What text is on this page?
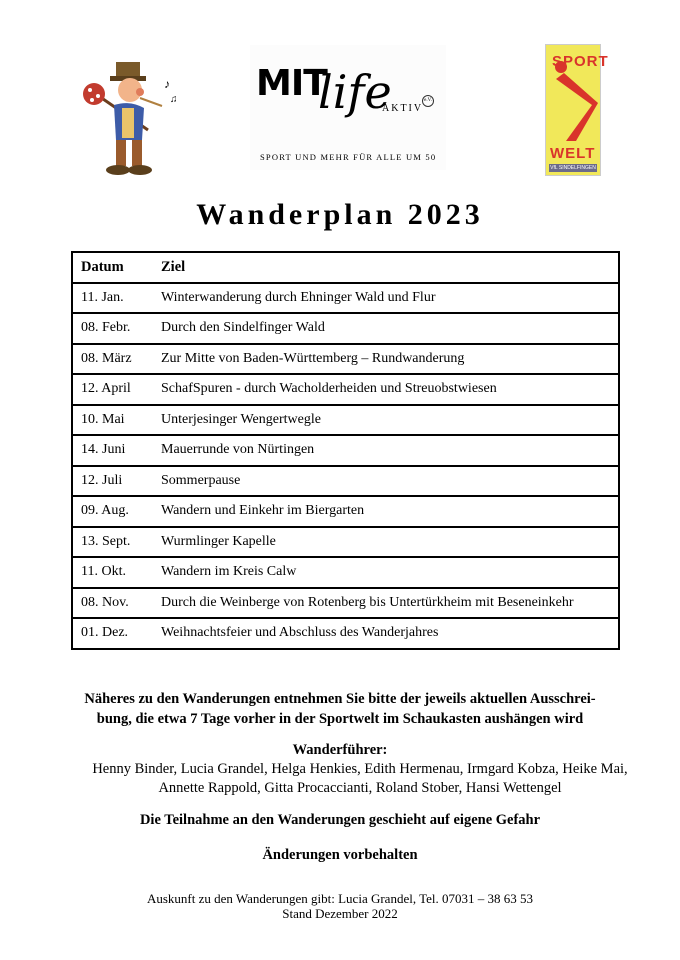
♪
♫ MIT
life
AKTIV
e.V.
SPORT UND MEHR FÜR ALLE UM 50
SPORT
WELT
VfL SINDELFINGEN
Wanderplan 2023
Datum	Ziel
11. Jan.	Winterwanderung durch Ehninger Wald und Flur
08. Febr.	Durch den Sindelfinger Wald
08. März	Zur Mitte von Baden-Württemberg – Rundwanderung
12. April	SchafSpuren - durch Wacholderheiden und Streuobstwiesen
10. Mai	Unterjesinger Wengertwegle
14. Juni	Mauerrunde von Nürtingen
12. Juli	Sommerpause
09. Aug.	Wandern und Einkehr im Biergarten
13. Sept.	Wurmlinger Kapelle
11. Okt.	Wandern im Kreis Calw
08. Nov.	Durch die Weinberge von Rotenberg bis Untertürkheim mit Beseneinkehr
01. Dez.	Weihnachtsfeier und Abschluss des Wanderjahres
Näheres zu den Wanderungen entnehmen Sie bitte der jeweils aktuellen Ausschrei-
bung, die etwa 7 Tage vorher in der Sportwelt im Schaukasten aushängen wird
Wanderführer:
Henny Binder, Lucia Grandel, Helga Henkies, Edith Hermenau, Irmgard Kobza, Heike Mai,
Annette Rappold, Gitta Procaccianti, Roland Stober, Hansi Wettengel
Die Teilnahme an den Wanderungen geschieht auf eigene Gefahr
Änderungen vorbehalten
Auskunft zu den Wanderungen gibt: Lucia Grandel, Tel. 07031 – 38 63 53
Stand Dezember 2022
